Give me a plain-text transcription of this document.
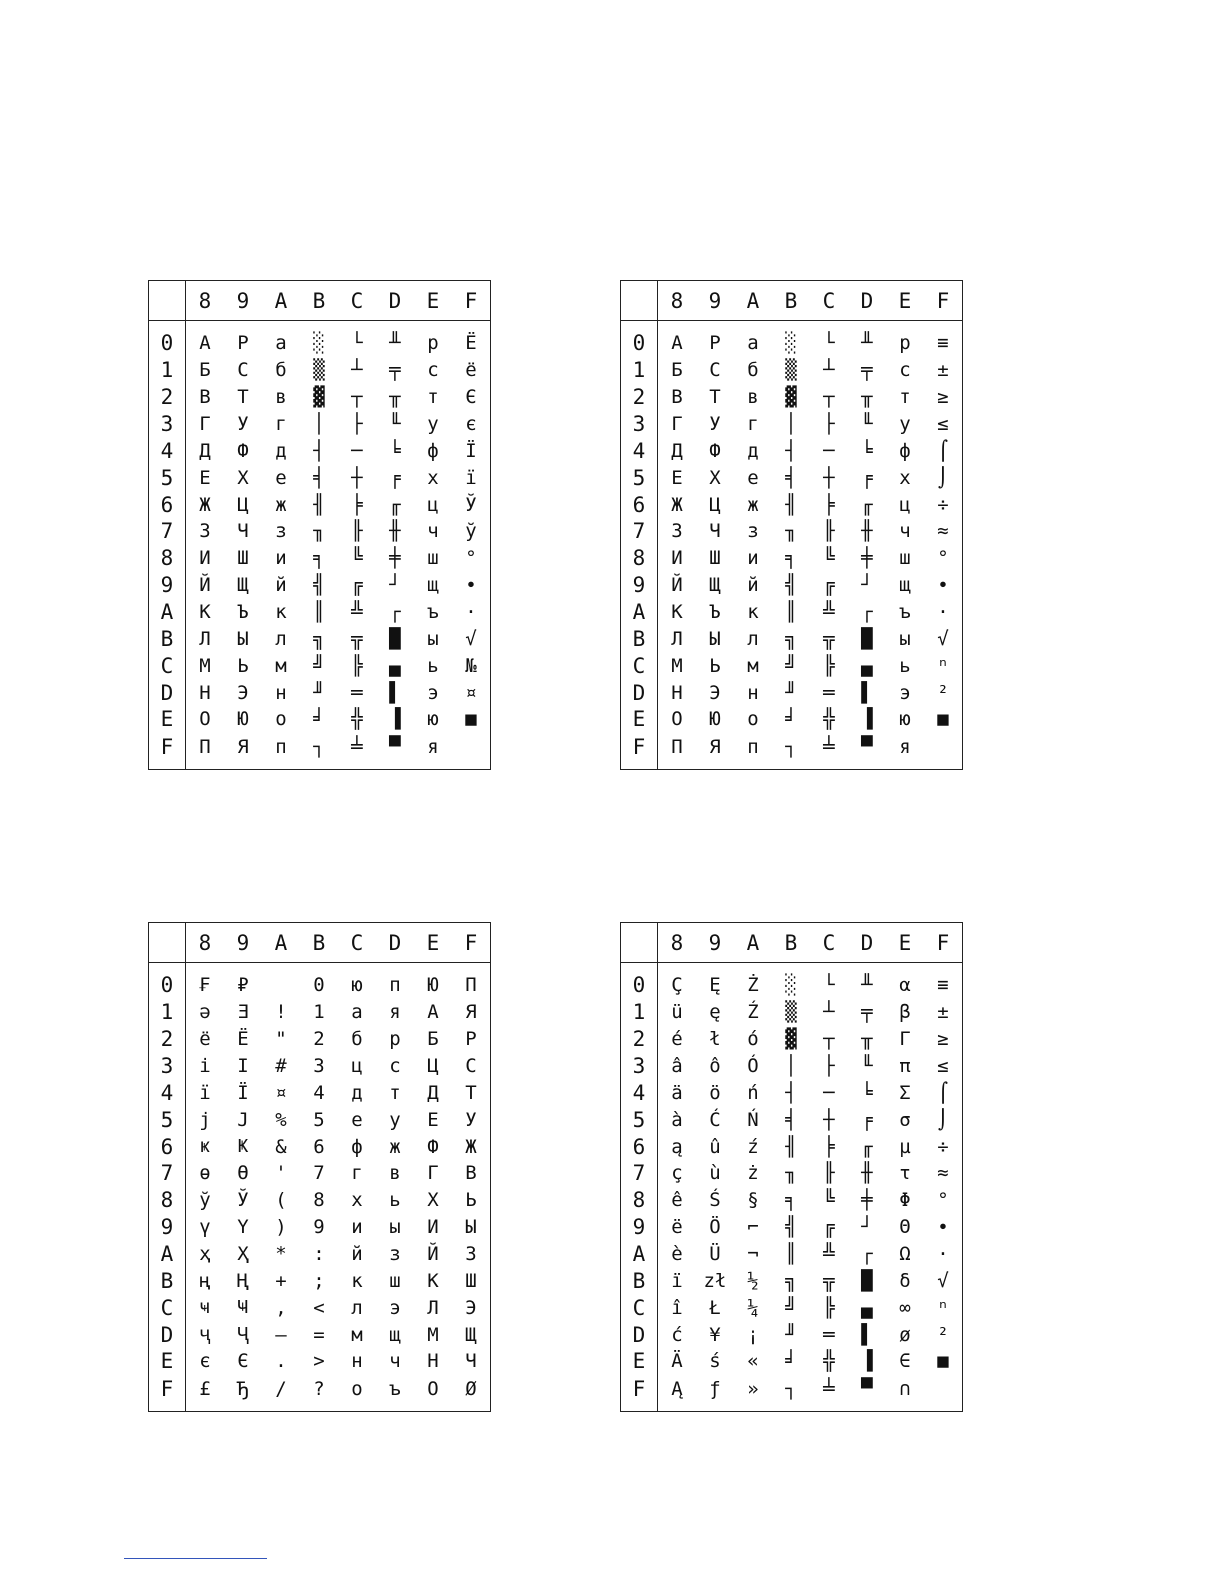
	8	9	A	B	C	D	E	F
0	А	Р	а	░	└	╨	р	Ё
1	Б	С	б	▒	┴	╤	с	ё
2	В	Т	в	▓	┬	╥	т	Є
3	Г	У	г	│	├	╙	у	є
4	Д	Ф	д	┤	─	╘	ф	Ї
5	Е	Х	е	╡	┼	╒	х	ї
6	Ж	Ц	ж	╢	╞	╓	ц	Ў
7	З	Ч	з	╖	╟	╫	ч	ў
8	И	Ш	и	╕	╚	╪	ш	°
9	Й	Щ	й	╣	╔	┘	щ	∙
A	К	Ъ	к	║	╩	┌	ъ	·
B	Л	Ы	л	╗	╦	█	ы	√
C	М	Ь	м	╝	╠	▄	ь	№
D	Н	Э	н	╜	═	▌	э	¤
E	О	Ю	о	╛	╬	▐	ю	■
F	П	Я	п	┐	╧	▀	я	
	8	9	A	B	C	D	E	F
0	А	Р	а	░	└	╨	р	≡
1	Б	С	б	▒	┴	╤	с	±
2	В	Т	в	▓	┬	╥	т	≥
3	Г	У	г	│	├	╙	у	≤
4	Д	Ф	д	┤	─	╘	ф	⌠
5	Е	Х	е	╡	┼	╒	х	⌡
6	Ж	Ц	ж	╢	╞	╓	ц	÷
7	З	Ч	з	╖	╟	╫	ч	≈
8	И	Ш	и	╕	╚	╪	ш	°
9	Й	Щ	й	╣	╔	┘	щ	∙
A	К	Ъ	к	║	╩	┌	ъ	·
B	Л	Ы	л	╗	╦	█	ы	√
C	М	Ь	м	╝	╠	▄	ь	ⁿ
D	Н	Э	н	╜	═	▌	э	²
E	О	Ю	о	╛	╬	▐	ю	■
F	П	Я	п	┐	╧	▀	я	
	8	9	A	B	C	D	E	F
0	₣	₽		0	ю	п	Ю	П
1	ə	Ǝ	!	1	а	я	А	Я
2	ё	Ё	"	2	б	р	Б	Р
3	і	І	#	3	ц	с	Ц	С
4	ї	Ї	¤	4	д	т	Д	Т
5	ј	Ј	%	5	е	у	Е	У
6	ҝ	Ҝ	&	6	ф	ж	Ф	Ж
7	ө	Ө	'	7	г	в	Г	В
8	ў	Ў	(	8	х	ь	Х	Ь
9	ү	Ү	)	9	и	ы	И	Ы
A	ҳ	Ҳ	*	:	й	з	Й	З
B	ң	Ң	+	;	к	ш	К	Ш
C	ҹ	Ҹ	,	<	л	э	Л	Э
D	ҷ	Ҷ	–	=	м	щ	М	Щ
E	є	Є	.	>	н	ч	Н	Ч
F	£	Ђ	/	?	о	ъ	О	Ø
	8	9	A	B	C	D	E	F
0	Ç	Ę	Ż	░	└	╨	α	≡
1	ü	ę	Ź	▒	┴	╤	β	±
2	é	ł	ó	▓	┬	╥	Γ	≥
3	â	ô	Ó	│	├	╙	π	≤
4	ä	ö	ń	┤	─	╘	Σ	⌠
5	à	Ć	Ń	╡	┼	╒	σ	⌡
6	ą	û	ź	╢	╞	╓	µ	÷
7	ç	ù	ż	╖	╟	╫	τ	≈
8	ê	Ś	§	╕	╚	╪	Φ	°
9	ë	Ö	⌐	╣	╔	┘	Θ	∙
A	è	Ü	¬	║	╩	┌	Ω	·
B	ï	zł	½	╗	╦	█	δ	√
C	î	Ł	¼	╝	╠	▄	∞	ⁿ
D	ć	¥	¡	╜	═	▌	ø	²
E	Ä	ś	«	╛	╬	▐	∈	■
F	Ą	ƒ	»	┐	╧	▀	∩	
